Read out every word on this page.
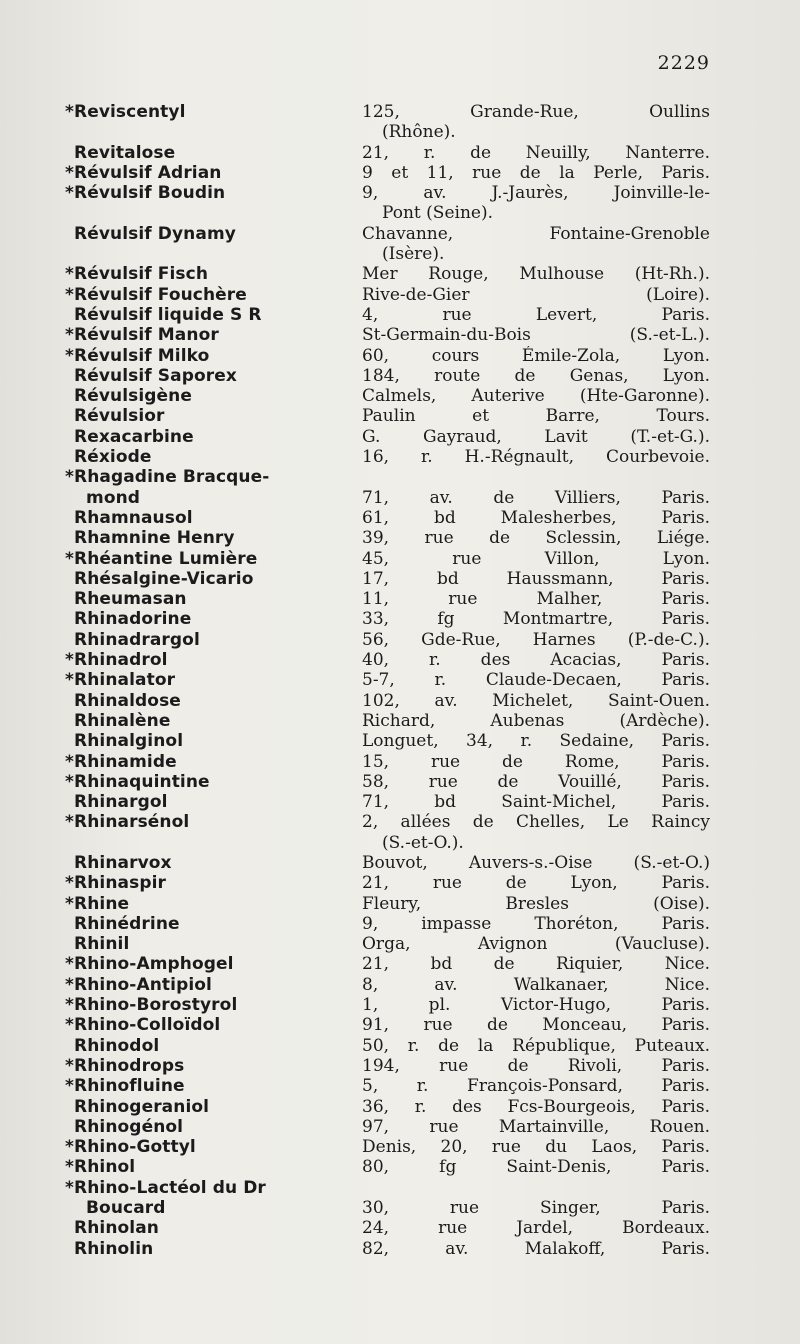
2229
* Reviscentyl	125, Grande-Rue, Oullins
(Rhône).
Revitalose	21, r. de Neuilly, Nanterre.
* Révulsif Adrian	9 et 11, rue de la Perle, Paris.
* Révulsif Boudin	9, av. J.-Jaurès, Joinville-le-
Pont (Seine).
Révulsif Dynamy	Chavanne, Fontaine-Grenoble
(Isère).
* Révulsif Fisch	Mer Rouge, Mulhouse (Ht-Rh.).
* Révulsif Fouchère	Rive-de-Gier (Loire).
Révulsif liquide S R	4, rue Levert, Paris.
* Révulsif Manor	St-Germain-du-Bois (S.-et-L.).
* Révulsif Milko	60, cours Émile-Zola, Lyon.
Révulsif Saporex	184, route de Genas, Lyon.
Révulsigène	Calmels, Auterive (Hte-Garonne).
Révulsior	Paulin et Barre, Tours.
Rexacarbine	G. Gayraud, Lavit (T.-et-G.).
Réxiode	16, r. H.-Régnault, Courbevoie.
* Rhagadine Bracque-
mond	71, av. de Villiers, Paris.
Rhamnausol	61, bd Malesherbes, Paris.
Rhamnine Henry	39, rue de Sclessin, Liége.
* Rhéantine Lumière	45, rue Villon, Lyon.
Rhésalgine-Vicario	17, bd Haussmann, Paris.
Rheumasan	11, rue Malher, Paris.
Rhinadorine	33, fg Montmartre, Paris.
Rhinadrargol	56, Gde-Rue, Harnes (P.-de-C.).
* Rhinadrol	40, r. des Acacias, Paris.
* Rhinalator	5-7, r. Claude-Decaen, Paris.
Rhinaldose	102, av. Michelet, Saint-Ouen.
Rhinalène	Richard, Aubenas (Ardèche).
Rhinalginol	Longuet, 34, r. Sedaine, Paris.
* Rhinamide	15, rue de Rome, Paris.
* Rhinaquintine	58, rue de Vouillé, Paris.
Rhinargol	71, bd Saint-Michel, Paris.
* Rhinarsénol	2, allées de Chelles, Le Raincy
(S.-et-O.).
Rhinarvox	Bouvot, Auvers-s.-Oise (S.-et-O.)
* Rhinaspir	21, rue de Lyon, Paris.
* Rhine	Fleury, Bresles (Oise).
Rhinédrine	9, impasse Thoréton, Paris.
Rhinil	Orga, Avignon (Vaucluse).
* Rhino-Amphogel	21, bd de Riquier, Nice.
* Rhino-Antipiol	8, av. Walkanaer, Nice.
* Rhino-Borostyrol	1, pl. Victor-Hugo, Paris.
* Rhino-Colloïdol	91, rue de Monceau, Paris.
Rhinodol	50, r. de la République, Puteaux.
* Rhinodrops	194, rue de Rivoli, Paris.
* Rhinofluine	5, r. François-Ponsard, Paris.
Rhinogeraniol	36, r. des Fcs-Bourgeois, Paris.
Rhinogénol	97, rue Martainville, Rouen.
* Rhino-Gottyl	Denis, 20, rue du Laos, Paris.
* Rhinol	80, fg Saint-Denis, Paris.
* Rhino-Lactéol du Dr
Boucard	30, rue Singer, Paris.
Rhinolan	24, rue Jardel, Bordeaux.
Rhinolin	82, av. Malakoff, Paris.
